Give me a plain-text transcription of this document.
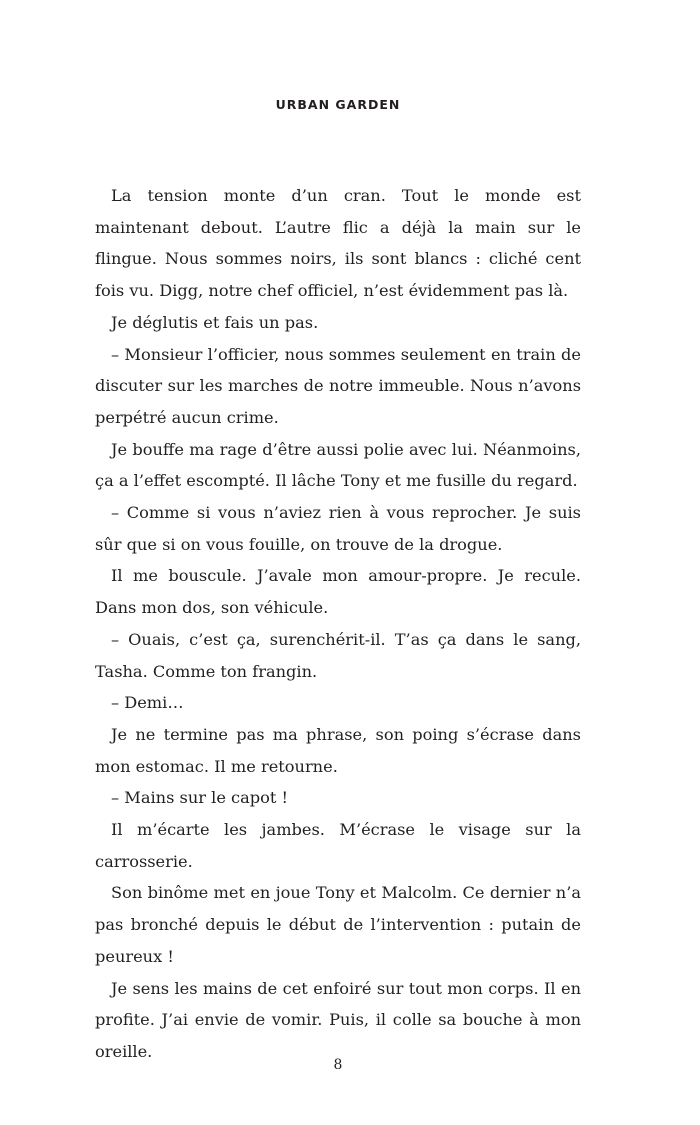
URBAN GARDEN

La tension monte d’un cran. Tout le monde est maintenant debout. L’autre flic a déjà la main sur le flingue. Nous sommes noirs, ils sont blancs : cliché cent fois vu. Digg, notre chef officiel, n’est évidemment pas là.

Je déglutis et fais un pas.

– Monsieur l’officier, nous sommes seulement en train de discuter sur les marches de notre immeuble. Nous n’avons perpétré aucun crime.

Je bouffe ma rage d’être aussi polie avec lui. Néanmoins, ça a l’effet escompté. Il lâche Tony et me fusille du regard.

– Comme si vous n’aviez rien à vous reprocher. Je suis sûr que si on vous fouille, on trouve de la drogue.

Il me bouscule. J’avale mon amour-propre. Je recule. Dans mon dos, son véhicule.

– Ouais, c’est ça, surenchérit-il. T’as ça dans le sang, Tasha. Comme ton frangin.

– Demi…

Je ne termine pas ma phrase, son poing s’écrase dans mon estomac. Il me retourne.

– Mains sur le capot !

Il m’écarte les jambes. M’écrase le visage sur la carrosserie.

Son binôme met en joue Tony et Malcolm. Ce dernier n’a pas bronché depuis le début de l’intervention : putain de peureux !

Je sens les mains de cet enfoiré sur tout mon corps. Il en profite. J’ai envie de vomir. Puis, il colle sa bouche à mon oreille.

8
